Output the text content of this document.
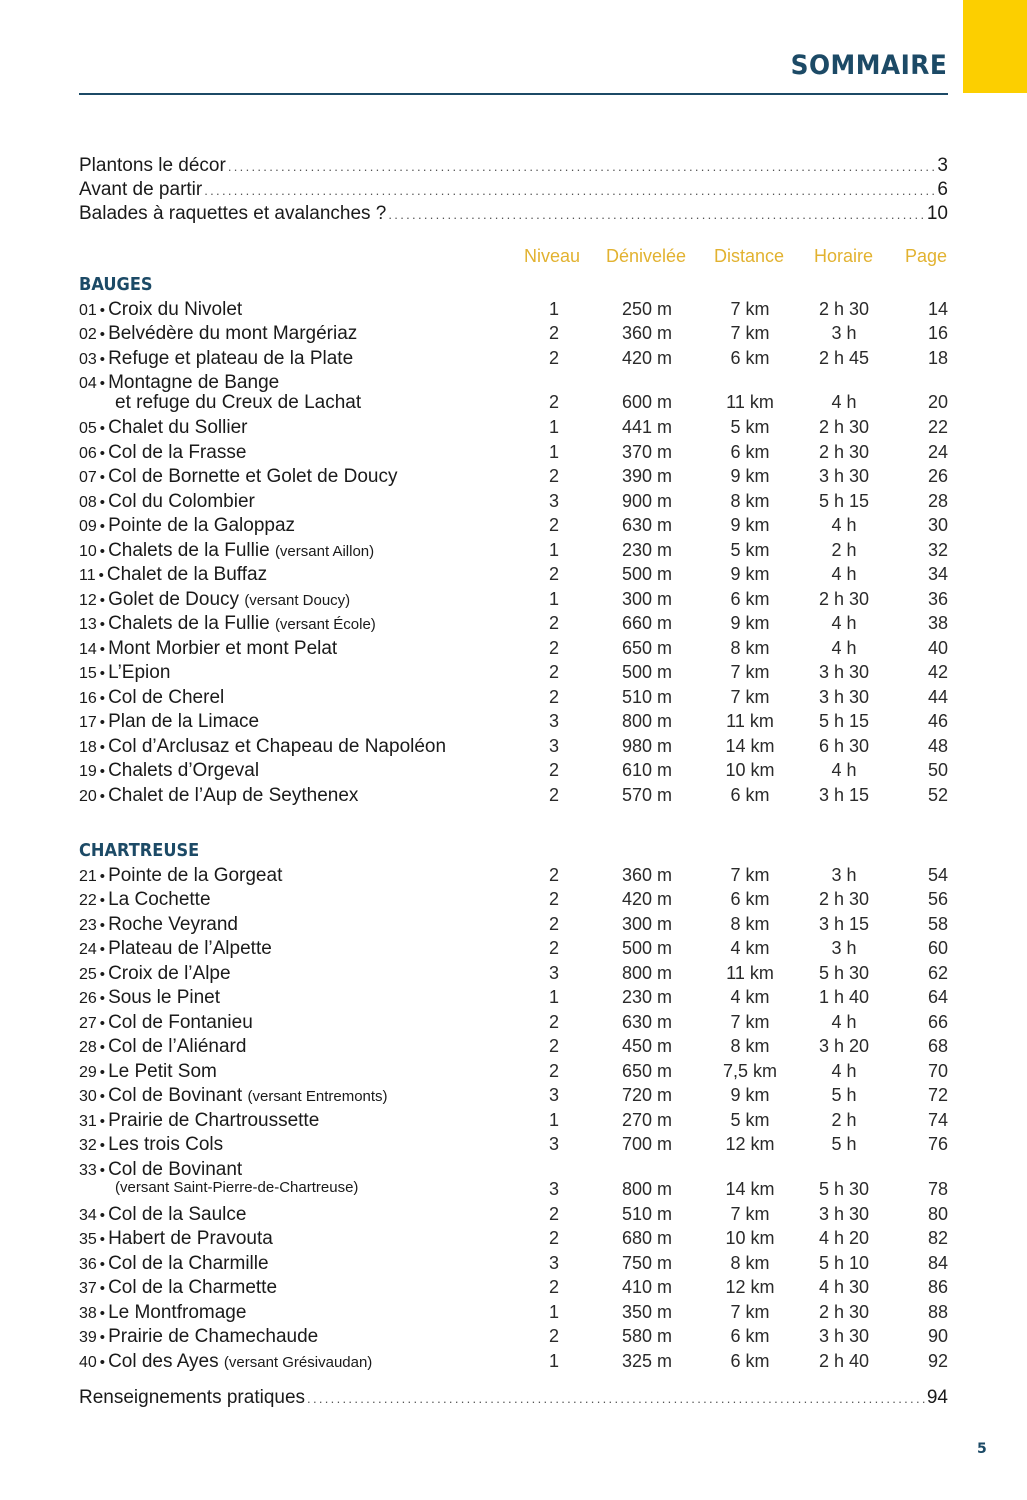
SOMMAIRE
Plantons le décor .....	3
Avant de partir .....	6
Balades à raquettes et avalanches ? .....	10
Niveau Dénivelée Distance Horaire Page
BAUGES
01 • Croix du Nivolet	1	250 m	7 km	2 h 30	14
02 • Belvédère du mont Margériaz	2	360 m	7 km	3 h	16
03 • Refuge et plateau de la Plate	2	420 m	6 km	2 h 45	18
04 • Montagne de Bange
et refuge du Creux de Lachat	2	600 m	11 km	4 h	20
05 • Chalet du Sollier	1	441 m	5 km	2 h 30	22
06 • Col de la Frasse	1	370 m	6 km	2 h 30	24
07 • Col de Bornette et Golet de Doucy	2	390 m	9 km	3 h 30	26
08 • Col du Colombier	3	900 m	8 km	5 h 15	28
09 • Pointe de la Galoppaz	2	630 m	9 km	4 h	30
10 • Chalets de la Fullie (versant Aillon)	1	230 m	5 km	2 h	32
11 • Chalet de la Buffaz	2	500 m	9 km	4 h	34
12 • Golet de Doucy (versant Doucy)	1	300 m	6 km	2 h 30	36
13 • Chalets de la Fullie (versant École)	2	660 m	9 km	4 h	38
14 • Mont Morbier et mont Pelat	2	650 m	8 km	4 h	40
15 • L’Epion	2	500 m	7 km	3 h 30	42
16 • Col de Cherel	2	510 m	7 km	3 h 30	44
17 • Plan de la Limace	3	800 m	11 km	5 h 15	46
18 • Col d’Arclusaz et Chapeau de Napoléon	3	980 m	14 km	6 h 30	48
19 • Chalets d’Orgeval	2	610 m	10 km	4 h	50
20 • Chalet de l’Aup de Seythenex	2	570 m	6 km	3 h 15	52
CHARTREUSE
21 • Pointe de la Gorgeat	2	360 m	7 km	3 h	54
22 • La Cochette	2	420 m	6 km	2 h 30	56
23 • Roche Veyrand	2	300 m	8 km	3 h 15	58
24 • Plateau de l’Alpette	2	500 m	4 km	3 h	60
25 • Croix de l’Alpe	3	800 m	11 km	5 h 30	62
26 • Sous le Pinet	1	230 m	4 km	1 h 40	64
27 • Col de Fontanieu	2	630 m	7 km	4 h	66
28 • Col de l’Aliénard	2	450 m	8 km	3 h 20	68
29 • Le Petit Som	2	650 m	7,5 km	4 h	70
30 • Col de Bovinant (versant Entremonts)	3	720 m	9 km	5 h	72
31 • Prairie de Chartroussette	1	270 m	5 km	2 h	74
32 • Les trois Cols	3	700 m	12 km	5 h	76
33 • Col de Bovinant
(versant Saint-Pierre-de-Chartreuse)	3	800 m	14 km	5 h 30	78
34 • Col de la Saulce	2	510 m	7 km	3 h 30	80
35 • Habert de Pravouta	2	680 m	10 km	4 h 20	82
36 • Col de la Charmille	3	750 m	8 km	5 h 10	84
37 • Col de la Charmette	2	410 m	12 km	4 h 30	86
38 • Le Montfromage	1	350 m	7 km	2 h 30	88
39 • Prairie de Chamechaude	2	580 m	6 km	3 h 30	90
40 • Col des Ayes (versant Grésivaudan)	1	325 m	6 km	2 h 40	92
Renseignements pratiques .....	94
5
